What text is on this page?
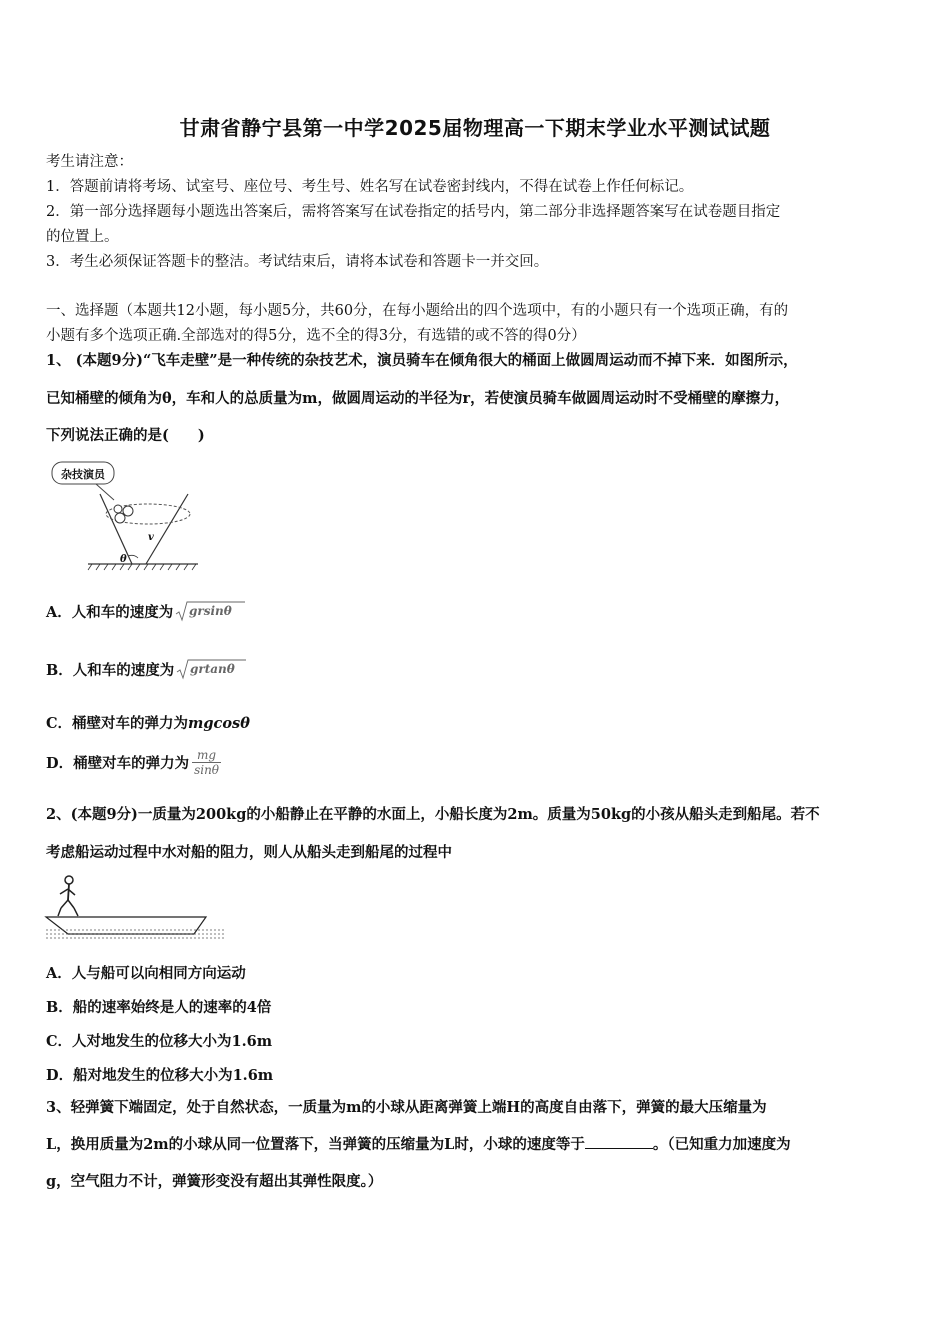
甘肃省静宁县第一中学2025届物理高一下期末学业水平测试试题
考生请注意：
1．答题前请将考场、试室号、座位号、考生号、姓名写在试卷密封线内，不得在试卷上作任何标记。
2．第一部分选择题每小题选出答案后，需将答案写在试卷指定的括号内，第二部分非选择题答案写在试卷题目指定
的位置上。
3．考生必须保证答题卡的整洁。考试结束后，请将本试卷和答题卡一并交回。
一、选择题（本题共12小题，每小题5分，共60分，在每小题给出的四个选项中，有的小题只有一个选项正确，有的
小题有多个选项正确.全部选对的得5分，选不全的得3分，有选错的或不答的得0分）
1、 (本题9分)“飞车走壁”是一种传统的杂技艺术，演员骑车在倾角很大的桶面上做圆周运动而不掉下来．如图所示，
已知桶壁的倾角为θ，车和人的总质量为m，做圆周运动的半径为r，若使演员骑车做圆周运动时不受桶壁的摩擦力，
下列说法正确的是(　　)
杂技演员
v
θ
A．人和车的速度为 grsinθ
B．人和车的速度为 grtanθ
C．桶壁对车的弹力为mgcosθ
D．桶壁对车的弹力为 $\frac{mg}{\sin\theta}$
2、(本题9分)一质量为200kg的小船静止在平静的水面上，小船长度为2m。质量为50kg的小孩从船头走到船尾。若不
考虑船运动过程中水对船的阻力，则人从船头走到船尾的过程中
A．人与船可以向相同方向运动
B．船的速率始终是人的速率的4倍
C．人对地发生的位移大小为1.6m
D．船对地发生的位移大小为1.6m
3、轻弹簧下端固定，处于自然状态，一质量为m的小球从距离弹簧上端H的高度自由落下，弹簧的最大压缩量为
L，换用质量为2m的小球从同一位置落下，当弹簧的压缩量为L时，小球的速度等于	。（已知重力加速度为
g，空气阻力不计，弹簧形变没有超出其弹性限度。）
